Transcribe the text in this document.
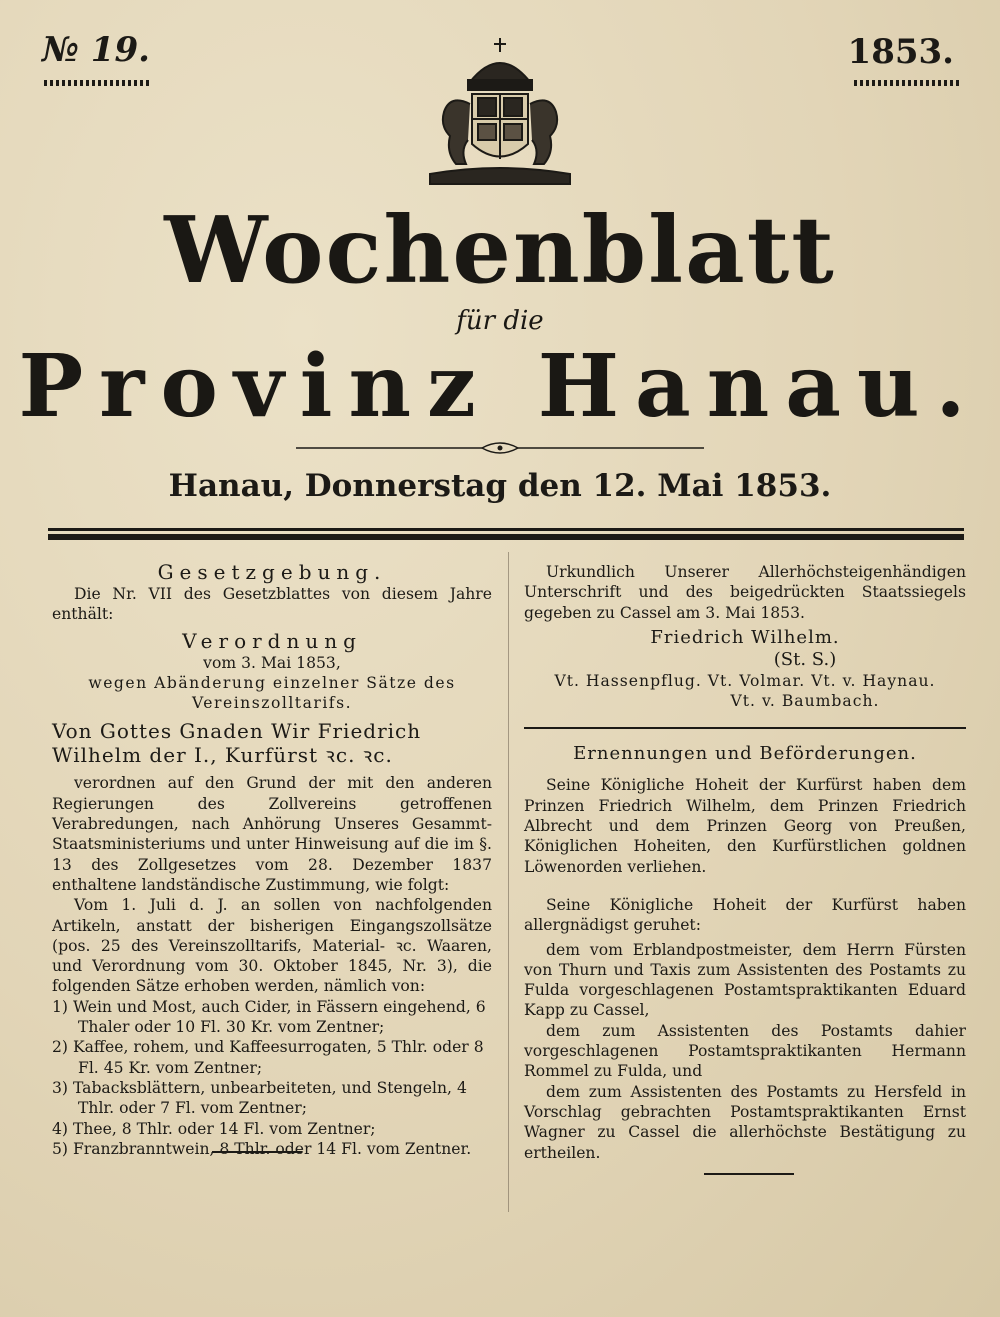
№ 19.	1853.
Wochenblatt
für die
Provinz Hanau.
Hanau, Donnerstag den 12. Mai 1853.

Gesetzgebung.

Die Nr. VII des Gesetzblattes von diesem Jahre enthält:

Verordnung

vom 3. Mai 1853,

wegen Abänderung einzelner Sätze des Vereinszolltarifs.

Von Gottes Gnaden Wir Friedrich Wilhelm der I., Kurfürst ꝛc. ꝛc.

verordnen auf den Grund der mit den anderen Regierungen des Zollvereins getroffenen Verabredungen, nach Anhörung Unseres Gesammt-Staatsministeriums und unter Hinweisung auf die im §. 13 des Zollgesetzes vom 28. Dezember 1837 enthaltene landständische Zustimmung, wie folgt:

Vom 1. Juli d. J. an sollen von nachfolgenden Artikeln, anstatt der bisherigen Eingangszollsätze (pos. 25 des Vereinszolltarifs, Material- ꝛc. Waaren, und Verordnung vom 30. Oktober 1845, Nr. 3), die folgenden Sätze erhoben werden, nämlich von:

1) Wein und Most, auch Cider, in Fässern eingehend, 6 Thaler oder 10 Fl. 30 Kr. vom Zentner;

2) Kaffee, rohem, und Kaffeesurrogaten, 5 Thlr. oder 8 Fl. 45 Kr. vom Zentner;

3) Tabacksblättern, unbearbeiteten, und Stengeln, 4 Thlr. oder 7 Fl. vom Zentner;

4) Thee, 8 Thlr. oder 14 Fl. vom Zentner;

5) Franzbranntwein, 8 Thlr. oder 14 Fl. vom Zentner.

Urkundlich Unserer Allerhöchsteigenhändigen Unterschrift und des beigedrückten Staatssiegels gegeben zu Cassel am 3. Mai 1853.

Friedrich Wilhelm.

(St. S.)

Vt. Hassenpflug. Vt. Volmar. Vt. v. Haynau.

Vt. v. Baumbach.

Ernennungen und Beförderungen.

Seine Königliche Hoheit der Kurfürst haben dem Prinzen Friedrich Wilhelm, dem Prinzen Friedrich Albrecht und dem Prinzen Georg von Preußen, Königlichen Hoheiten, den Kurfürstlichen goldnen Löwenorden verliehen.

Seine Königliche Hoheit der Kurfürst haben allergnädigst geruhet:

dem vom Erblandpostmeister, dem Herrn Fürsten von Thurn und Taxis zum Assistenten des Postamts zu Fulda vorgeschlagenen Postamtspraktikanten Eduard Kapp zu Cassel,

dem zum Assistenten des Postamts dahier vorgeschlagenen Postamtspraktikanten Hermann Rommel zu Fulda, und

dem zum Assistenten des Postamts zu Hersfeld in Vorschlag gebrachten Postamtspraktikanten Ernst Wagner zu Cassel die allerhöchste Bestätigung zu ertheilen.
